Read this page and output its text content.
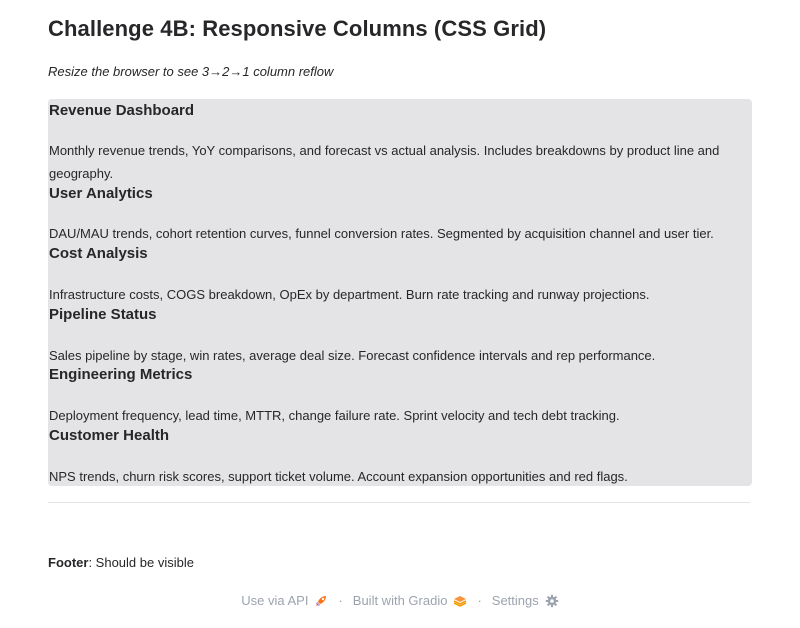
Challenge 4B: Responsive Columns (CSS Grid)
Resize the browser to see 3→2→1 column reflow
Revenue Dashboard

Monthly revenue trends, YoY comparisons, and forecast vs actual analysis. Includes breakdowns by product line and geography.

User Analytics

DAU/MAU trends, cohort retention curves, funnel conversion rates. Segmented by acquisition channel and user tier.

Cost Analysis

Infrastructure costs, COGS breakdown, OpEx by department. Burn rate tracking and runway projections.

Pipeline Status

Sales pipeline by stage, win rates, average deal size. Forecast confidence intervals and rep performance.

Engineering Metrics

Deployment frequency, lead time, MTTR, change failure rate. Sprint velocity and tech debt tracking.

Customer Health

NPS trends, churn risk scores, support ticket volume. Account expansion opportunities and red flags.

Footer: Should be visible
Use via API · Built with Gradio · Settings
